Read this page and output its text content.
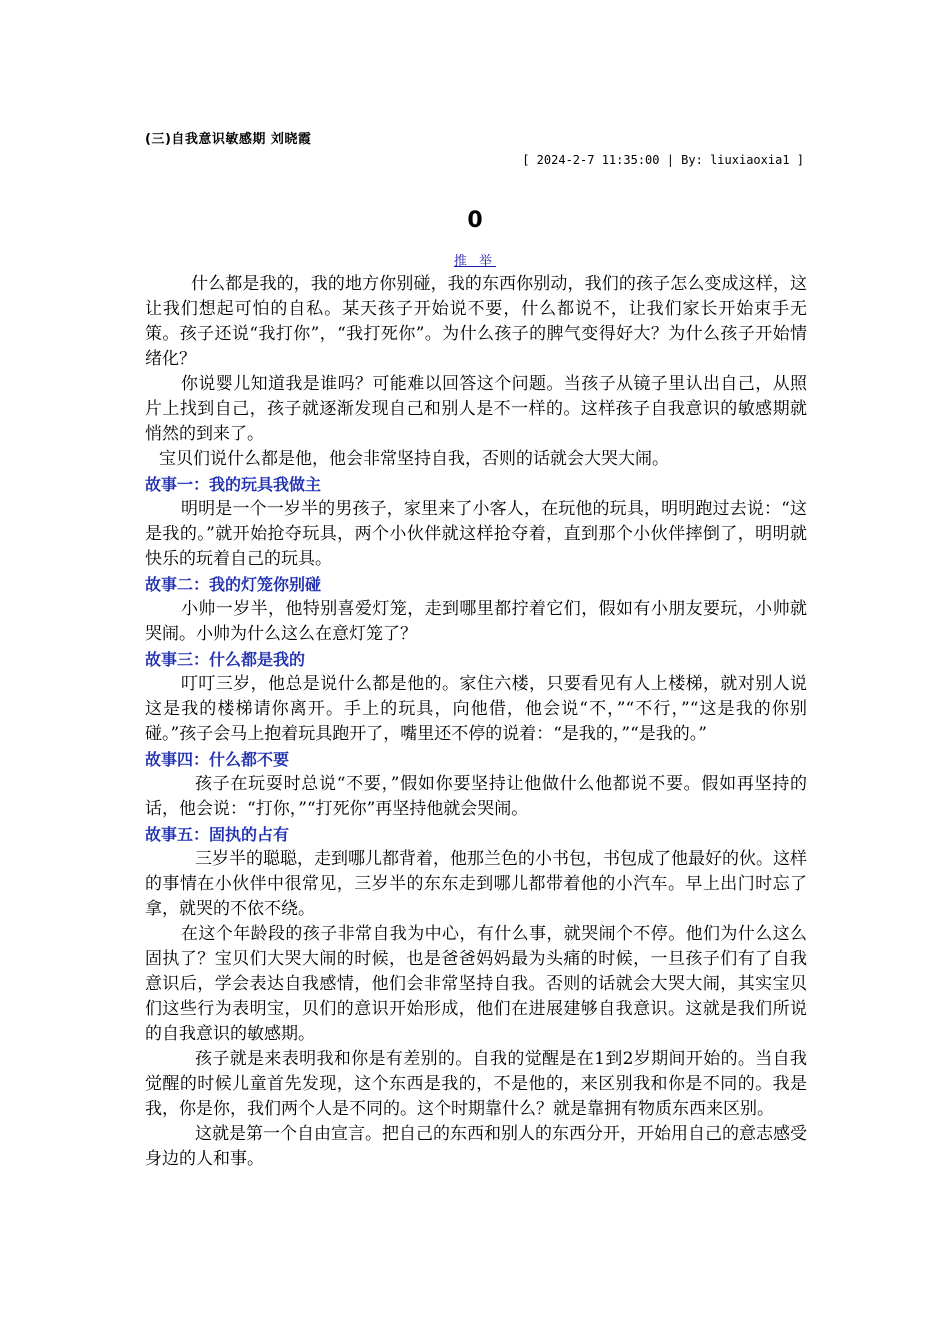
(三)自我意识敏感期 刘晓霞
[ 2024-2-7 11:35:00 | By: liuxiaoxia1 ]
0
推 举

什么都是我的，我的地方你别碰，我的东西你别动，我们的孩子怎么变成这样，这让我们想起可怕的自私。某天孩子开始说不要，什么都说不，让我们家长开始束手无策。孩子还说“我打你”，“我打死你”。为什么孩子的脾气变得好大？为什么孩子开始情绪化？

你说婴儿知道我是谁吗？可能难以回答这个问题。当孩子从镜子里认出自己，从照片上找到自己，孩子就逐渐发现自己和别人是不一样的。这样孩子自我意识的敏感期就悄然的到来了。

宝贝们说什么都是他，他会非常坚持自我，否则的话就会大哭大闹。

故事一：我的玩具我做主

明明是一个一岁半的男孩子，家里来了小客人，在玩他的玩具，明明跑过去说：“这是我的。”就开始抢夺玩具，两个小伙伴就这样抢夺着，直到那个小伙伴摔倒了，明明就快乐的玩着自己的玩具。

故事二：我的灯笼你别碰

小帅一岁半，他特别喜爱灯笼，走到哪里都拧着它们，假如有小朋友要玩，小帅就哭闹。小帅为什么这么在意灯笼了？

故事三：什么都是我的

叮叮三岁，他总是说什么都是他的。家住六楼，只要看见有人上楼梯，就对别人说这是我的楼梯请你离开。手上的玩具，向他借，他会说“不，”“不行，”“这是我的你别碰。”孩子会马上抱着玩具跑开了，嘴里还不停的说着：“是我的，”“是我的。”

故事四：什么都不要

孩子在玩耍时总说“不要，”假如你要坚持让他做什么他都说不要。假如再坚持的话，他会说：“打你，”“打死你”再坚持他就会哭闹。

故事五：固执的占有

三岁半的聪聪，走到哪儿都背着，他那兰色的小书包，书包成了他最好的伙。这样的事情在小伙伴中很常见，三岁半的东东走到哪儿都带着他的小汽车。早上出门时忘了拿，就哭的不依不绕。

在这个年龄段的孩子非常自我为中心，有什么事，就哭闹个不停。他们为什么这么固执了？宝贝们大哭大闹的时候，也是爸爸妈妈最为头痛的时候，一旦孩子们有了自我意识后，学会表达自我感情，他们会非常坚持自我。否则的话就会大哭大闹，其实宝贝们这些行为表明宝，贝们的意识开始形成，他们在进展建够自我意识。这就是我们所说的自我意识的敏感期。

孩子就是来表明我和你是有差别的。自我的觉醒是在1到2岁期间开始的。当自我觉醒的时候儿童首先发现，这个东西是我的，不是他的，来区别我和你是不同的。我是我，你是你，我们两个人是不同的。这个时期靠什么？就是靠拥有物质东西来区别。

这就是第一个自由宣言。把自己的东西和别人的东西分开，开始用自己的意志感受身边的人和事。
